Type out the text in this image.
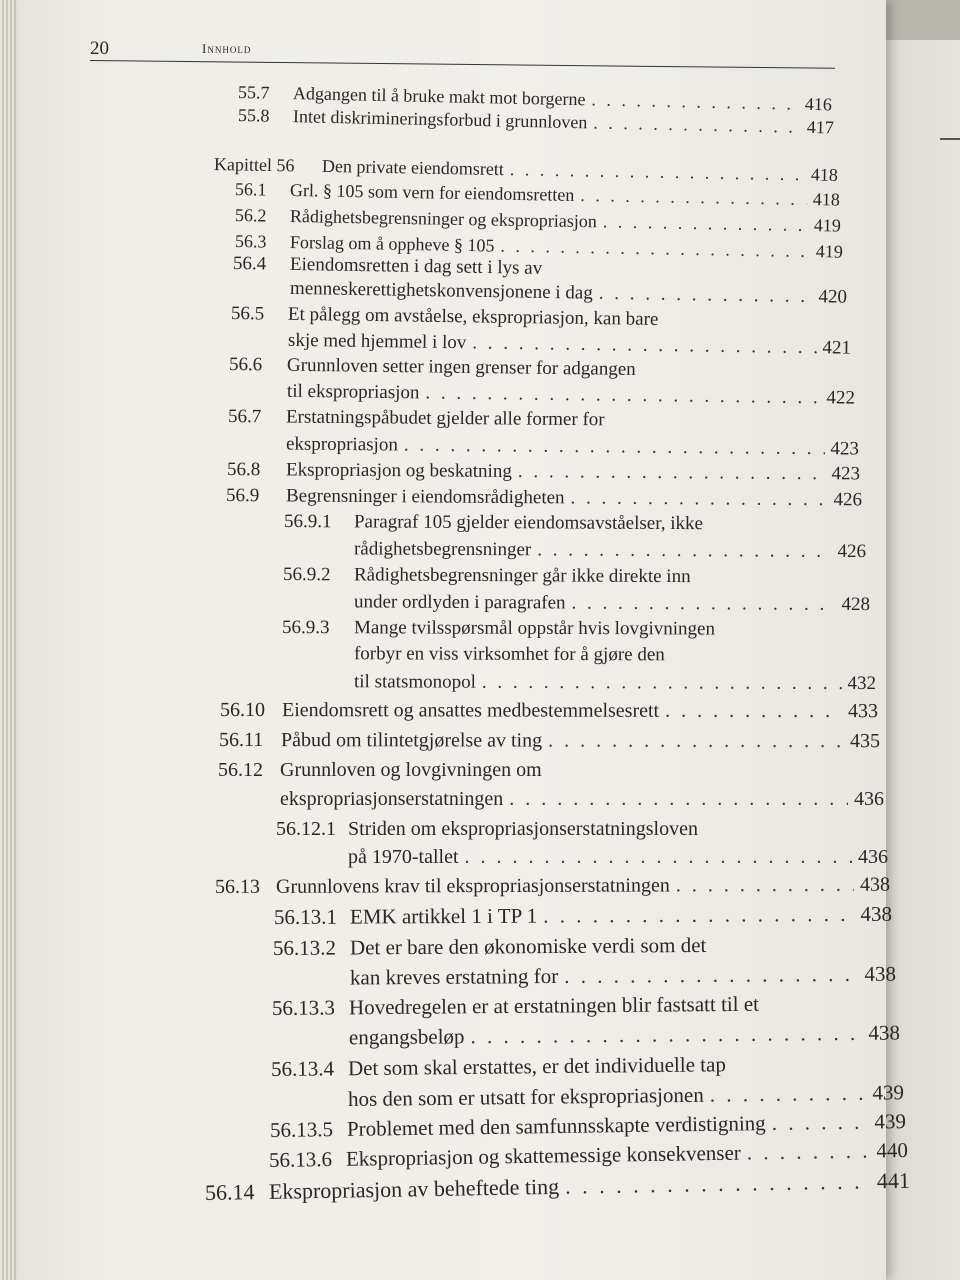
20	Innhold
55.7	Adgangen til å bruke makt mot borgerne . . .	416
55.8	Intet diskrimineringsforbud i grunnloven . . .	417
Kapittel 56	Den private eiendomsrett . . .	418
56.1	Grl. § 105 som vern for eiendomsretten . . .	418
56.2	Rådighetsbegrensninger og ekspropriasjon . . .	419
56.3	Forslag om å oppheve § 105 . . .	419
56.4	Eiendomsretten i dag sett i lys av
menneskerettighetskonvensjonene i dag . . .	420
56.5	Et pålegg om avståelse, ekspropriasjon, kan bare
skje med hjemmel i lov . . .	421
56.6	Grunnloven setter ingen grenser for adgangen
til ekspropriasjon . . .	422
56.7	Erstatningspåbudet gjelder alle former for
ekspropriasjon . . .	423
56.8	Ekspropriasjon og beskatning . . .	423
56.9	Begrensninger i eiendomsrådigheten . . .	426
56.9.1	Paragraf 105 gjelder eiendomsavståelser, ikke
rådighetsbegrensninger . . .	426
56.9.2	Rådighetsbegrensninger går ikke direkte inn
under ordlyden i paragrafen . . .	428
56.9.3	Mange tvilsspørsmål oppstår hvis lovgivningen
forbyr en viss virksomhet for å gjøre den
til statsmonopol . . .	432
56.10 Eiendomsrett og ansattes medbestemmelsesrett . . .	433
56.11 Påbud om tilintetgjørelse av ting . . .	435
56.12 Grunnloven og lovgivningen om
ekspropriasjonserstatningen . . .	436
56.12.1 Striden om ekspropriasjonserstatningsloven
på 1970-tallet . . .	436
56.13 Grunnlovens krav til ekspropriasjonserstatningen . . .	438
56.13.1 EMK artikkel 1 i TP 1 . . .	438
56.13.2 Det er bare den økonomiske verdi som det
kan kreves erstatning for . . .	438
56.13.3 Hovedregelen er at erstatningen blir fastsatt til et
engangsbeløp . . .	438
56.13.4 Det som skal erstattes, er det individuelle tap
hos den som er utsatt for ekspropriasjonen . . .	439
56.13.5 Problemet med den samfunnsskapte verdistigning . . .	439
56.13.6 Ekspropriasjon og skattemessige konsekvenser . . .	440
56.14 Ekspropriasjon av beheftede ting . . .	441
